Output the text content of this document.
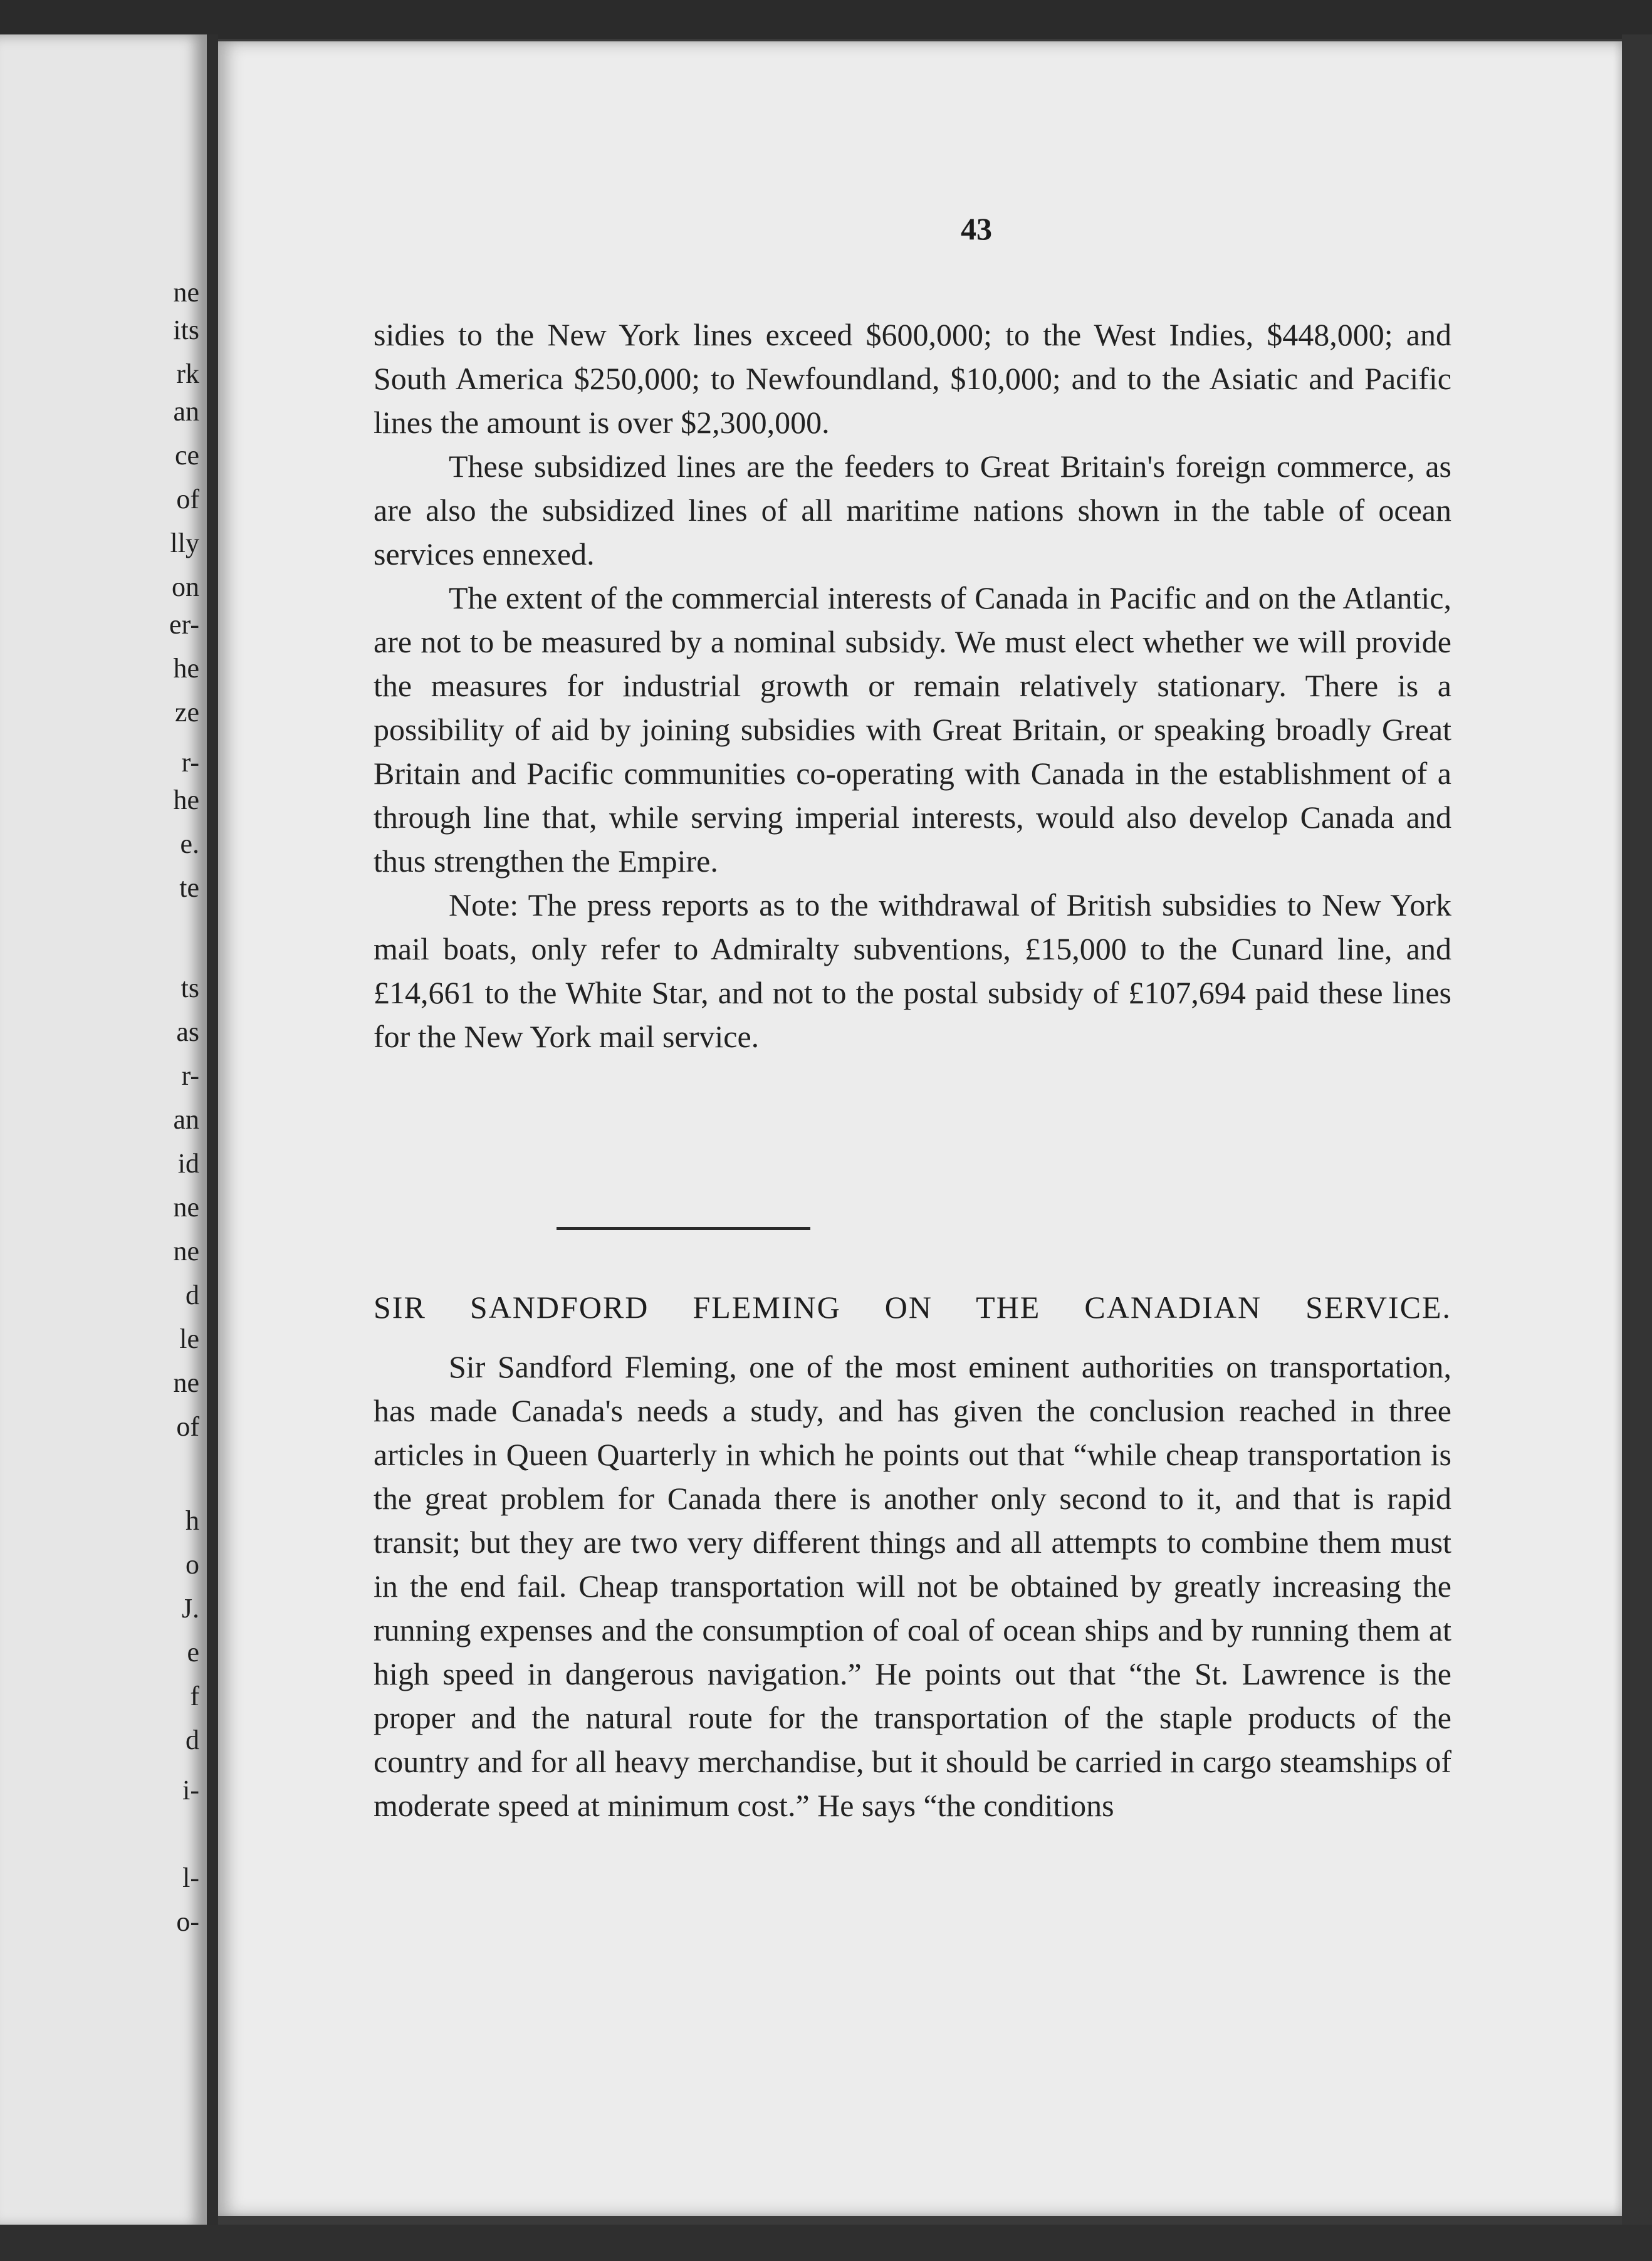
ne
its
rk
an
ce
of
lly
on
er-
he
ze
r-
he
e.
te
ts
as
r-
an
id
ne
ne
d
le
ne
of
h
o
J.
e
f
d
i-
l-
o-
43

sidies to the New York lines exceed $600,000; to the West Indies, $448,000; and South America $250,000; to Newfoundland, $10,000; and to the Asiatic and Pacific lines the amount is over $2,300,000.

These subsidized lines are the feeders to Great Britain's foreign commerce, as are also the subsidized lines of all maritime nations shown in the table of ocean services ennexed.

The extent of the commercial interests of Canada in Pacific and on the Atlantic, are not to be measured by a nominal subsidy. We must elect whether we will provide the measures for industrial growth or remain relatively stationary. There is a possibility of aid by joining subsidies with Great Britain, or speaking broadly Great Britain and Pacific communities co-operating with Canada in the establishment of a through line that, while serving imperial interests, would also develop Canada and thus strengthen the Empire.

Note: The press reports as to the withdrawal of British subsidies to New York mail boats, only refer to Admiralty subventions, £15,000 to the Cunard line, and £14,661 to the White Star, and not to the postal subsidy of £107,694 paid these lines for the New York mail service.

SIR SANDFORD FLEMING ON THE CANADIAN SERVICE.

Sir Sandford Fleming, one of the most eminent authorities on transportation, has made Canada's needs a study, and has given the conclusion reached in three articles in Queen Quarterly in which he points out that “while cheap transportation is the great problem for Canada there is another only second to it, and that is rapid transit; but they are two very different things and all attempts to combine them must in the end fail. Cheap transportation will not be obtained by greatly increasing the running expenses and the consumption of coal of ocean ships and by running them at high speed in dangerous navigation.” He points out that “the St. Lawrence is the proper and the natural route for the transportation of the staple products of the country and for all heavy merchandise, but it should be carried in cargo steamships of moderate speed at minimum cost.” He says “the conditions
